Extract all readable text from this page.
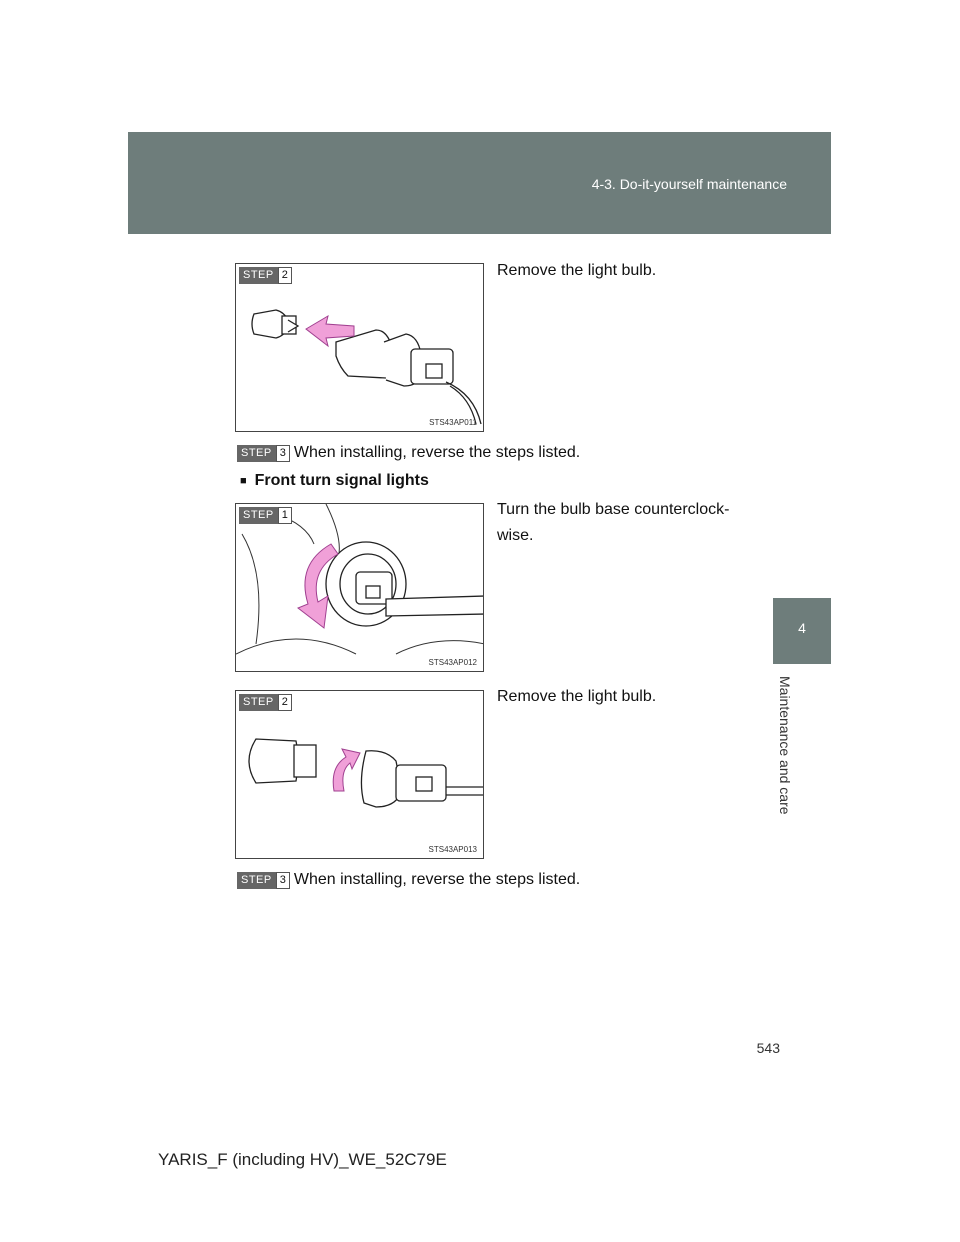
4-3. Do-it-yourself maintenance
4
Maintenance and care
STEP 2
STS43AP011
Remove the light bulb.
STEP 3 When installing, reverse the steps listed.
■ Front turn signal lights
STEP 1
STS43AP012
Turn the bulb base counterclock-wise.
STEP 2
STS43AP013
Remove the light bulb.
STEP 3 When installing, reverse the steps listed.
543
YARIS_F (including HV)_WE_52C79E
